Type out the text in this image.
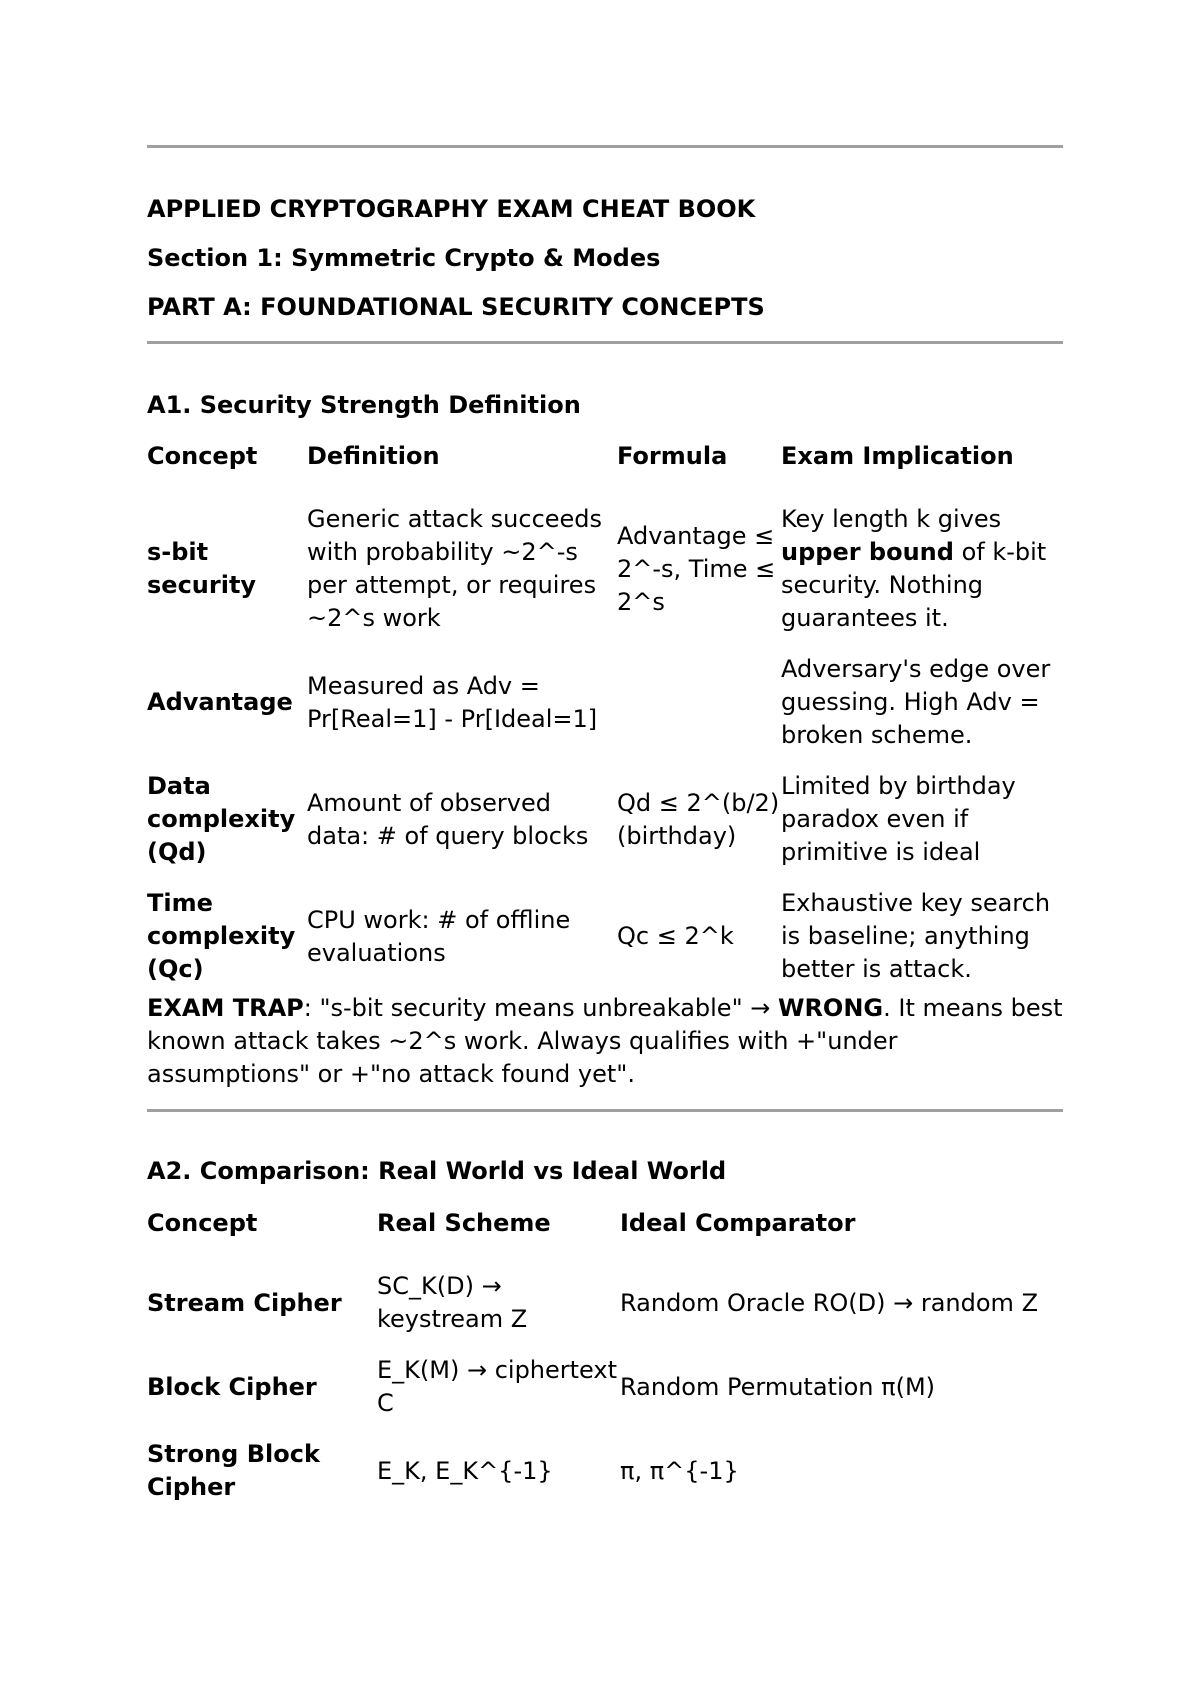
APPLIED CRYPTOGRAPHY EXAM CHEAT BOOK
Section 1: Symmetric Crypto & Modes
PART A: FOUNDATIONAL SECURITY CONCEPTS
A1. Security Strength Definition
Concept	Definition	Formula	Exam Implication
s-bit security	Generic attack succeeds with probability ~2^-s per attempt, or requires ~2^s work	Advantage ≤ 2^-s, Time ≤ 2^s	Key length k gives upper bound of k-bit security. Nothing guarantees it.
Advantage	Measured as Adv = Pr[Real=1] - Pr[Ideal=1]		Adversary's edge over guessing. High Adv = broken scheme.
Data complexity (Qd)	Amount of observed data: # of query blocks	Qd ≤ 2^(b/2) (birthday)	Limited by birthday paradox even if primitive is ideal
Time complexity (Qc)	CPU work: # of offline evaluations	Qc ≤ 2^k	Exhaustive key search is baseline; anything better is attack.
EXAM TRAP: "s-bit security means unbreakable" → WRONG. It means best known attack takes ~2^s work. Always qualifies with +"under assumptions" or +"no attack found yet".
A2. Comparison: Real World vs Ideal World
Concept	Real Scheme	Ideal Comparator
Stream Cipher	SC_K(D) → keystream Z	Random Oracle RO(D) → random Z
Block Cipher	E_K(M) → ciphertext C	Random Permutation π(M)
Strong Block Cipher	E_K, E_K^{-1}	π, π^{-1}
